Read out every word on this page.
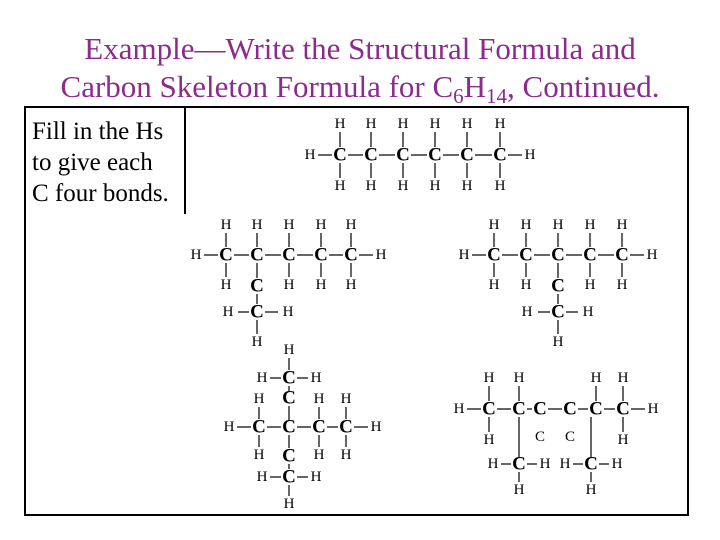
Example—Write the Structural Formula and
Carbon Skeleton Formula for $C_6H_{14}$, Continued.
Fill in the Hs
to give each
C four bonds.
C
H
H
C
H
H
C
H
H
C
H
H
C
H
H
C
H
H
H	H
C
H
H
C
H
C
H
H
C
H
H
C
H
H
H	H
C
C
H	H
H
C
H
H
C
H
H
C
H
C
H
H
C
H
H
H	H
C
C
H	H
H
H
C
H	H
C
C
H
H
C C
H
H
C
H
H
H	H
C
C
H	H
H
C C C C C C
H	H
H H	H H
H	H
C C
C	C
H	H
H
H	H
H
